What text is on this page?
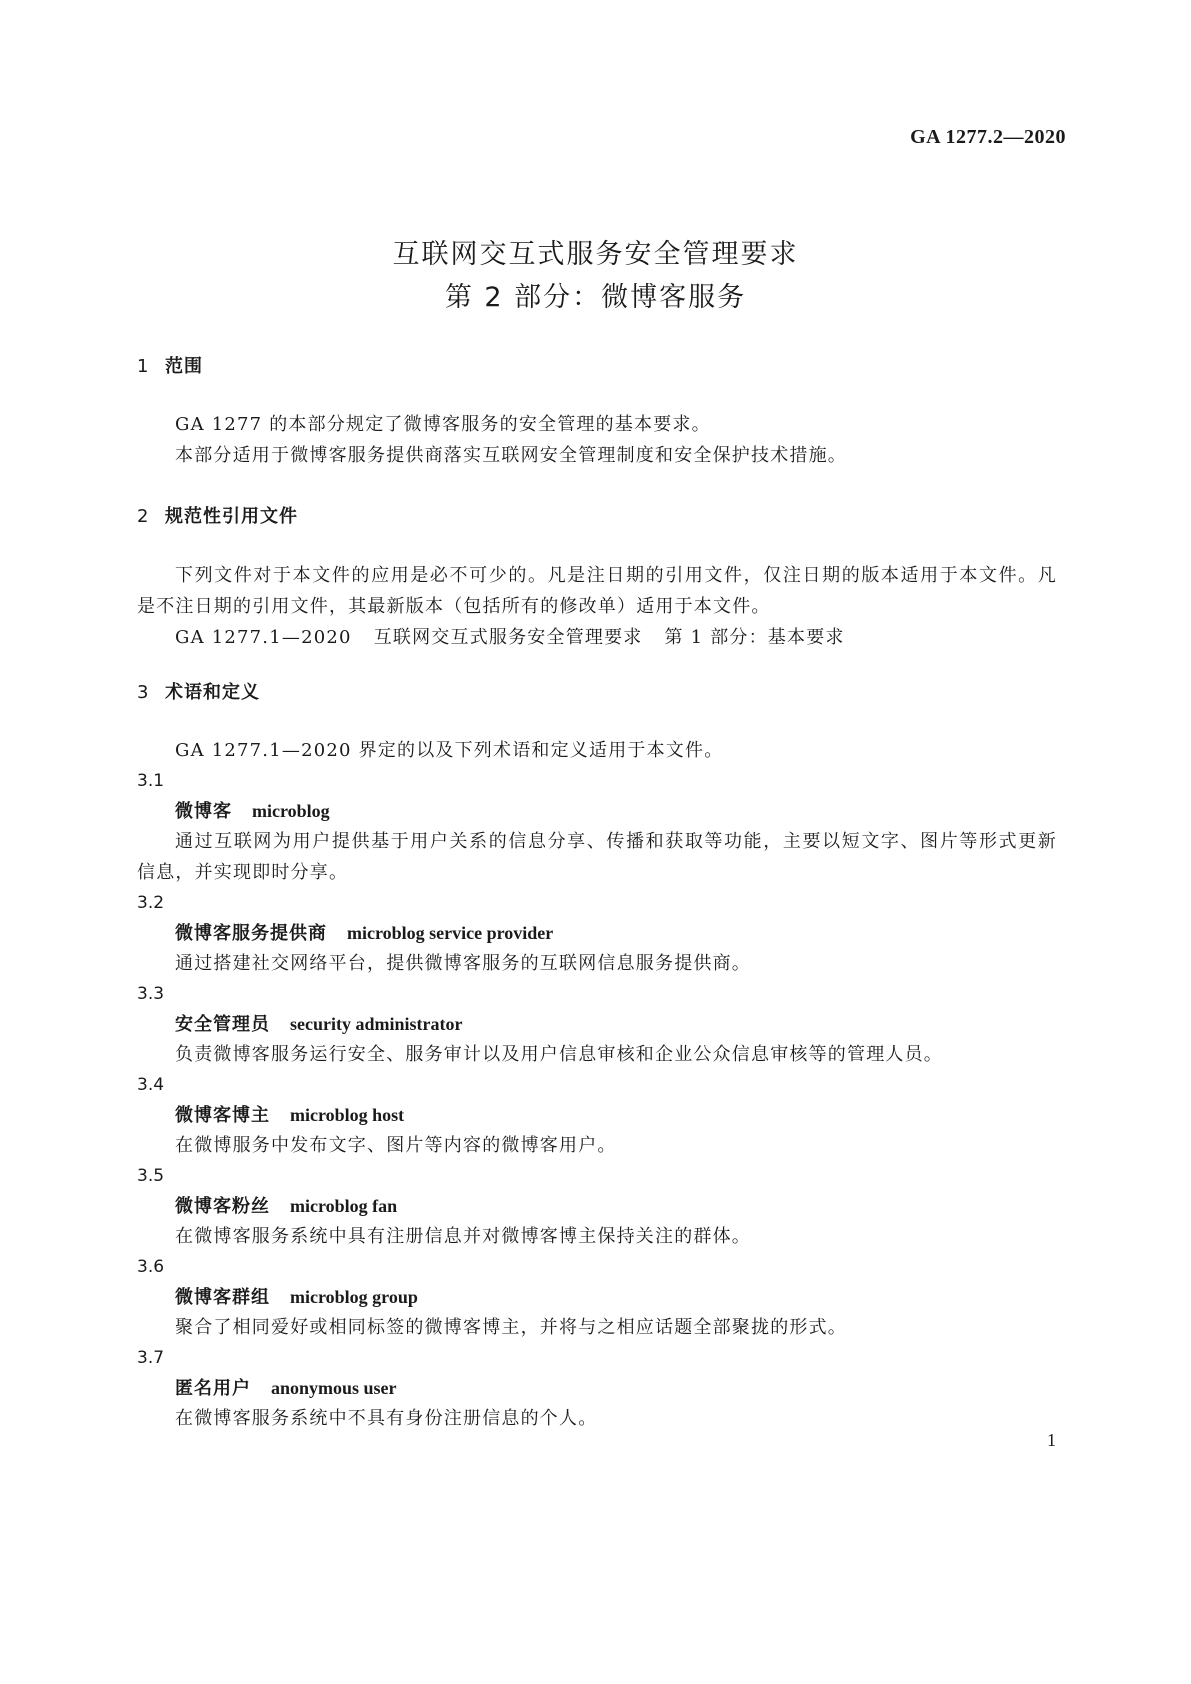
GA 1277.2—2020
互联网交互式服务安全管理要求
第 2 部分：微博客服务
1 范围

GA 1277 的本部分规定了微博客服务的安全管理的基本要求。

本部分适用于微博客服务提供商落实互联网安全管理制度和安全保护技术措施。

2 规范性引用文件

下列文件对于本文件的应用是必不可少的。凡是注日期的引用文件，仅注日期的版本适用于本文件。凡是不注日期的引用文件，其最新版本（包括所有的修改单）适用于本文件。

GA 1277.1—2020 互联网交互式服务安全管理要求 第 1 部分：基本要求
3 术语和定义

GA 1277.1—2020 界定的以及下列术语和定义适用于本文件。

3.1
微博客 microblog

通过互联网为用户提供基于用户关系的信息分享、传播和获取等功能，主要以短文字、图片等形式更新信息，并实现即时分享。

3.2
微博客服务提供商 microblog service provider

通过搭建社交网络平台，提供微博客服务的互联网信息服务提供商。

3.3
安全管理员 security administrator

负责微博客服务运行安全、服务审计以及用户信息审核和企业公众信息审核等的管理人员。

3.4
微博客博主 microblog host

在微博服务中发布文字、图片等内容的微博客用户。

3.5
微博客粉丝 microblog fan

在微博客服务系统中具有注册信息并对微博客博主保持关注的群体。

3.6
微博客群组 microblog group

聚合了相同爱好或相同标签的微博客博主，并将与之相应话题全部聚拢的形式。

3.7
匿名用户 anonymous user

在微博客服务系统中不具有身份注册信息的个人。

1
